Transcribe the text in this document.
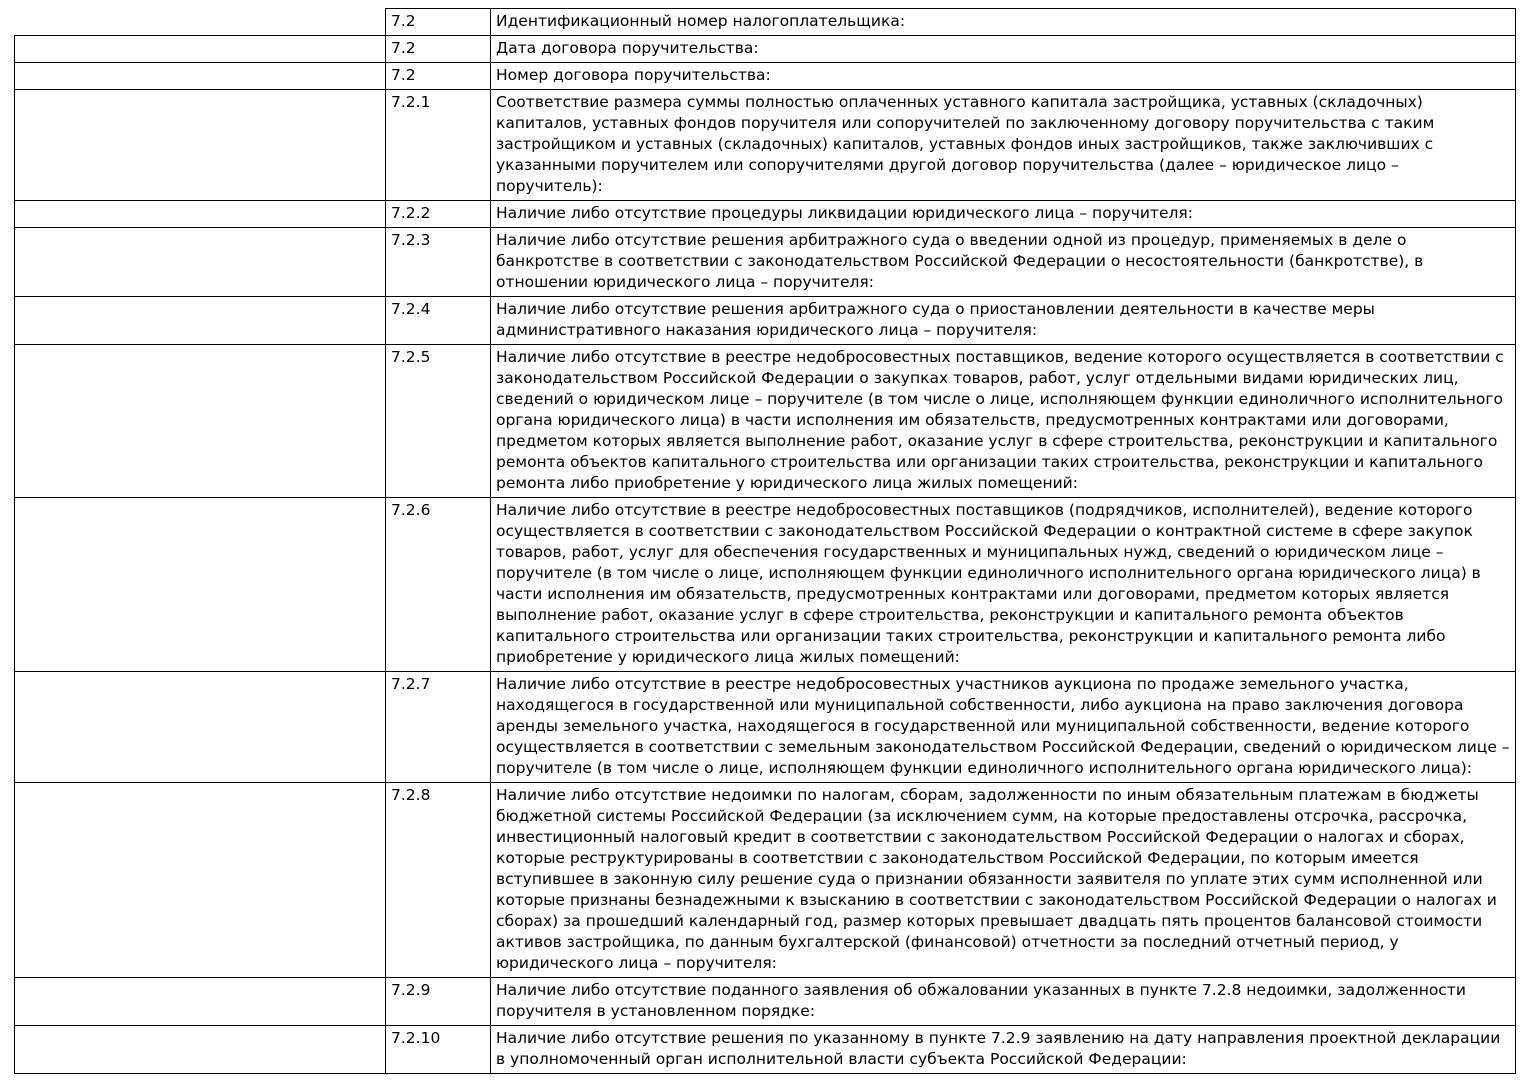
	7.2	Идентификационный номер налогоплательщика:
	7.2	Дата договора поручительства:
	7.2	Номер договора поручительства:
	7.2.1	Соответствие размера суммы полностью оплаченных уставного капитала застройщика, уставных (складочных) капиталов, уставных фондов поручителя или сопоручителей по заключенному договору поручительства с таким застройщиком и уставных (складочных) капиталов, уставных фондов иных застройщиков, также заключивших с указанными поручителем или сопоручителями другой договор поручительства (далее – юридическое лицо – поручитель):
	7.2.2	Наличие либо отсутствие процедуры ликвидации юридического лица – поручителя:
	7.2.3	Наличие либо отсутствие решения арбитражного суда о введении одной из процедур, применяемых в деле о банкротстве в соответствии с законодательством Российской Федерации о несостоятельности (банкротстве), в отношении юридического лица – поручителя:
	7.2.4	Наличие либо отсутствие решения арбитражного суда о приостановлении деятельности в качестве меры административного наказания юридического лица – поручителя:
	7.2.5	Наличие либо отсутствие в реестре недобросовестных поставщиков, ведение которого осуществляется в соответствии с законодательством Российской Федерации о закупках товаров, работ, услуг отдельными видами юридических лиц, сведений о юридическом лице – поручителе (в том числе о лице, исполняющем функции единоличного исполнительного органа юридического лица) в части исполнения им обязательств, предусмотренных контрактами или договорами, предметом которых является выполнение работ, оказание услуг в сфере строительства, реконструкции и капитального ремонта объектов капитального строительства или организации таких строительства, реконструкции и капитального ремонта либо приобретение у юридического лица жилых помещений:
	7.2.6	Наличие либо отсутствие в реестре недобросовестных поставщиков (подрядчиков, исполнителей), ведение которого осуществляется в соответствии с законодательством Российской Федерации о контрактной системе в сфере закупок товаров, работ, услуг для обеспечения государственных и муниципальных нужд, сведений о юридическом лице – поручителе (в том числе о лице, исполняющем функции единоличного исполнительного органа юридического лица) в части исполнения им обязательств, предусмотренных контрактами или договорами, предметом которых является выполнение работ, оказание услуг в сфере строительства, реконструкции и капитального ремонта объектов капитального строительства или организации таких строительства, реконструкции и капитального ремонта либо приобретение у юридического лица жилых помещений:
	7.2.7	Наличие либо отсутствие в реестре недобросовестных участников аукциона по продаже земельного участка, находящегося в государственной или муниципальной собственности, либо аукциона на право заключения договора аренды земельного участка, находящегося в государственной или муниципальной собственности, ведение которого осуществляется в соответствии с земельным законодательством Российской Федерации, сведений о юридическом лице – поручителе (в том числе о лице, исполняющем функции единоличного исполнительного органа юридического лица):
	7.2.8	Наличие либо отсутствие недоимки по налогам, сборам, задолженности по иным обязательным платежам в бюджеты бюджетной системы Российской Федерации (за исключением сумм, на которые предоставлены отсрочка, рассрочка, инвестиционный налоговый кредит в соответствии с законодательством Российской Федерации о налогах и сборах, которые реструктурированы в соответствии с законодательством Российской Федерации, по которым имеется вступившее в законную силу решение суда о признании обязанности заявителя по уплате этих сумм исполненной или которые признаны безнадежными к взысканию в соответствии с законодательством Российской Федерации о налогах и сборах) за прошедший календарный год, размер которых превышает двадцать пять процентов балансовой стоимости активов застройщика, по данным бухгалтерской (финансовой) отчетности за последний отчетный период, у юридического лица – поручителя:
	7.2.9	Наличие либо отсутствие поданного заявления об обжаловании указанных в пункте 7.2.8 недоимки, задолженности поручителя в установленном порядке:
	7.2.10	Наличие либо отсутствие решения по указанному в пункте 7.2.9 заявлению на дату направления проектной декларации в уполномоченный орган исполнительной власти субъекта Российской Федерации:
